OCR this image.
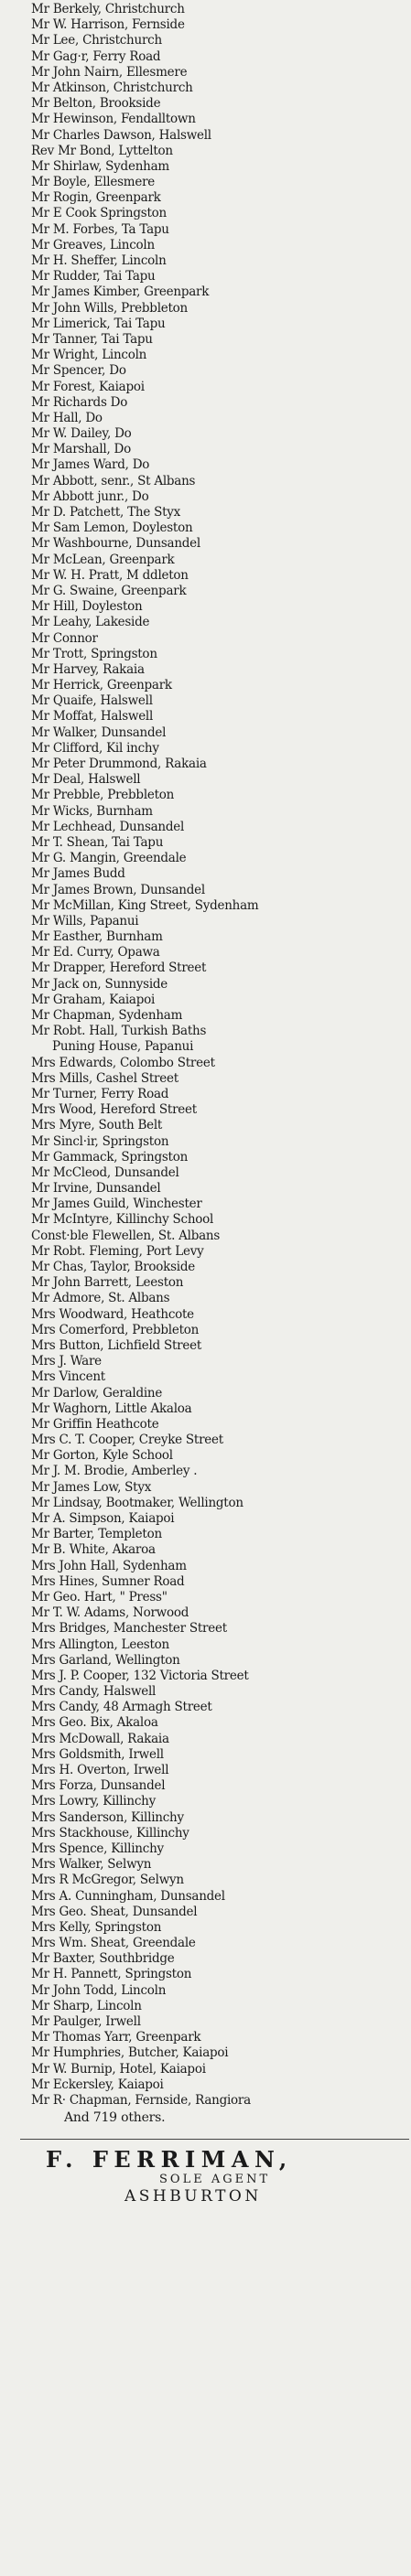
Mr Berkely, Christchurch
Mr W. Harrison, Fernside
Mr Lee, Christchurch
Mr Gag·r, Ferry Road
Mr John Nairn, Ellesmere
Mr Atkinson, Christchurch
Mr Belton, Brookside
Mr Hewinson, Fendalltown
Mr Charles Dawson, Halswell
Rev Mr Bond, Lyttelton
Mr Shirlaw, Sydenham
Mr Boyle, Ellesmere
Mr Rogin, Greenpark
Mr E Cook Springston
Mr M. Forbes, Ta Tapu
Mr Greaves, Lincoln
Mr H. Sheffer, Lincoln
Mr Rudder, Tai Tapu
Mr James Kimber, Greenpark
Mr John Wills, Prebbleton
Mr Limerick, Tai Tapu
Mr Tanner, Tai Tapu
Mr Wright, Lincoln
Mr Spencer, Do
Mr Forest, Kaiapoi
Mr Richards Do
Mr Hall, Do
Mr W. Dailey, Do
Mr Marshall, Do
Mr James Ward, Do
Mr Abbott, senr., St Albans
Mr Abbott junr., Do
Mr D. Patchett, The Styx
Mr Sam Lemon, Doyleston
Mr Washbourne, Dunsandel
Mr McLean, Greenpark
Mr W. H. Pratt, M ddleton
Mr G. Swaine, Greenpark
Mr Hill, Doyleston
Mr Leahy, Lakeside
Mr Connor
Mr Trott, Springston
Mr Harvey, Rakaia
Mr Herrick, Greenpark
Mr Quaife, Halswell
Mr Moffat, Halswell
Mr Walker, Dunsandel
Mr Clifford, Kil inchy
Mr Peter Drummond, Rakaia
Mr Deal, Halswell
Mr Prebble, Prebbleton
Mr Wicks, Burnham
Mr Lechhead, Dunsandel
Mr T. Shean, Tai Tapu
Mr G. Mangin, Greendale
Mr James Budd
Mr James Brown, Dunsandel
Mr McMillan, King Street, Sydenham
Mr Wills, Papanui
Mr Easther, Burnham
Mr Ed. Curry, Opawa
Mr Drapper, Hereford Street
Mr Jack on, Sunnyside
Mr Graham, Kaiapoi
Mr Chapman, Sydenham
Mr Robt. Hall, Turkish Baths
Puning House, Papanui
Mrs Edwards, Colombo Street
Mrs Mills, Cashel Street
Mr Turner, Ferry Road
Mrs Wood, Hereford Street
Mrs Myre, South Belt
Mr Sincl·ir, Springston
Mr Gammack, Springston
Mr McCleod, Dunsandel
Mr Irvine, Dunsandel
Mr James Guild, Winchester
Mr McIntyre, Killinchy School
Const·ble Flewellen, St. Albans
Mr Robt. Fleming, Port Levy
Mr Chas, Taylor, Brookside
Mr John Barrett, Leeston
Mr Admore, St. Albans
Mrs Woodward, Heathcote
Mrs Comerford, Prebbleton
Mrs Button, Lichfield Street
Mrs J. Ware
Mrs Vincent
Mr Darlow, Geraldine
Mr Waghorn, Little Akaloa
Mr Griffin Heathcote
Mrs C. T. Cooper, Creyke Street
Mr Gorton, Kyle School
Mr J. M. Brodie, Amberley .
Mr James Low, Styx
Mr Lindsay, Bootmaker, Wellington
Mr A. Simpson, Kaiapoi
Mr Barter, Templeton
Mr B. White, Akaroa
Mrs John Hall, Sydenham
Mrs Hines, Sumner Road
Mr Geo. Hart, " Press"
Mr T. W. Adams, Norwood
Mrs Bridges, Manchester Street
Mrs Allington, Leeston
Mrs Garland, Wellington
Mrs J. P. Cooper, 132 Victoria Street
Mrs Candy, Halswell
Mrs Candy, 48 Armagh Street
Mrs Geo. Bix, Akaloa
Mrs McDowall, Rakaia
Mrs Goldsmith, Irwell
Mrs H. Overton, Irwell
Mrs Forza, Dunsandel
Mrs Lowry, Killinchy
Mrs Sanderson, Killinchy
Mrs Stackhouse, Killinchy
Mrs Spence, Killinchy
Mrs Walker, Selwyn
Mrs R McGregor, Selwyn
Mrs A. Cunningham, Dunsandel
Mrs Geo. Sheat, Dunsandel
Mrs Kelly, Springston
Mrs Wm. Sheat, Greendale
Mr Baxter, Southbridge
Mr H. Pannett, Springston
Mr John Todd, Lincoln
Mr Sharp, Lincoln
Mr Paulger, Irwell
Mr Thomas Yarr, Greenpark
Mr Humphries, Butcher, Kaiapoi
Mr W. Burnip, Hotel, Kaiapoi
Mr Eckersley, Kaiapoi
Mr R· Chapman, Fernside, Rangiora
And 719 others.
F. FERRIMAN,
SOLE AGENT
ASHBURTON
